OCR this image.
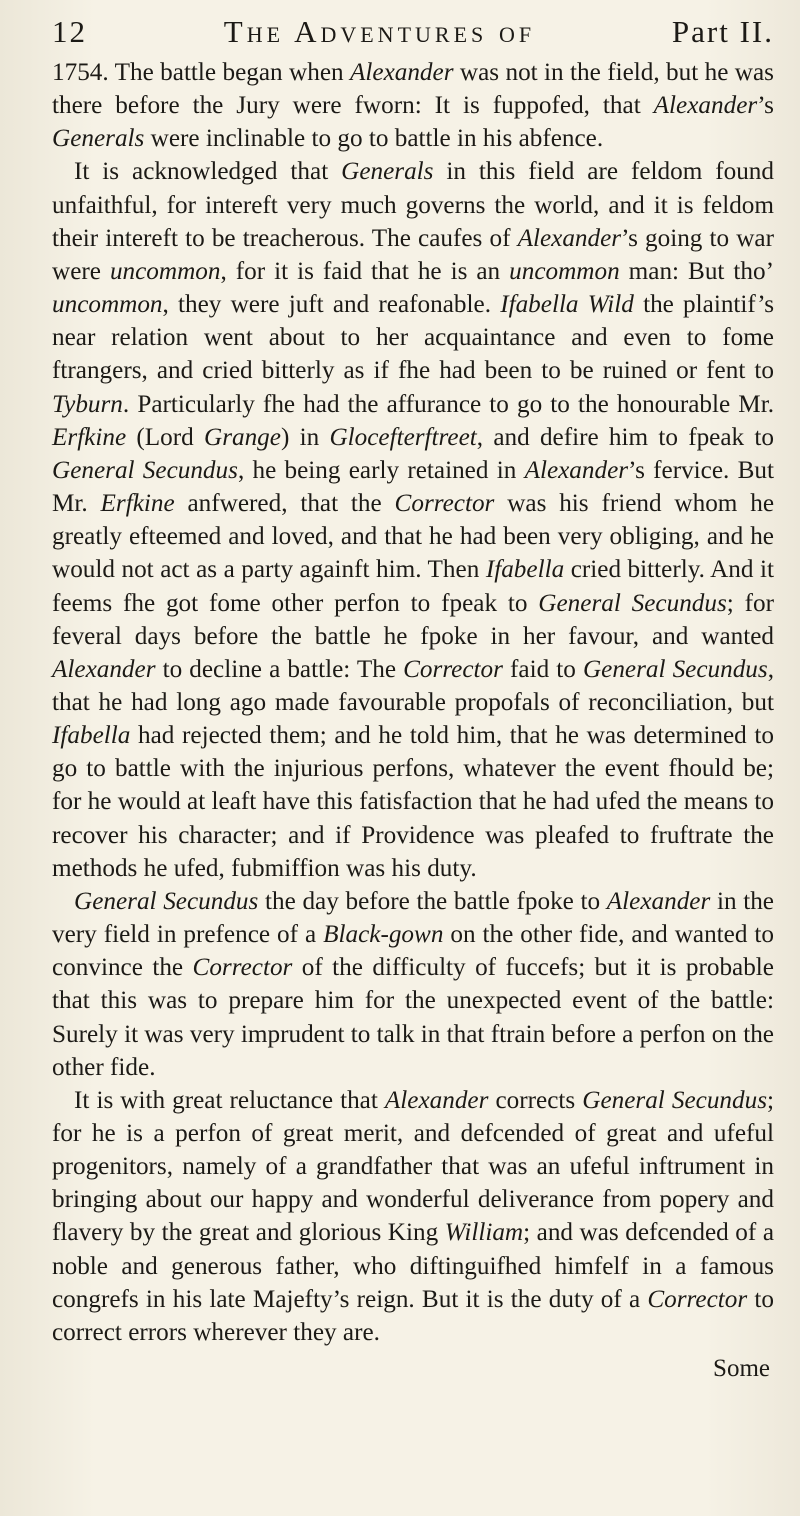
12	The Adventures of	Part II.

1754. The battle began when Alexander was not in the field, but he was there before the Jury were fworn: It is fuppofed, that Alexander’s Generals were inclinable to go to battle in his abfence.

It is acknowledged that Generals in this field are feldom found unfaithful, for intereft very much governs the world, and it is feldom their intereft to be treacherous. The caufes of Alexander’s going to war were uncommon, for it is faid that he is an uncommon man: But tho’ uncommon, they were juft and reafonable. Ifabella Wild the plaintif’s near relation went about to her acquaintance and even to fome ftrangers, and cried bitterly as if fhe had been to be ruined or fent to Tyburn. Particularly fhe had the affurance to go to the honourable Mr. Erfkine (Lord Grange) in Glocefterftreet, and defire him to fpeak to General Secundus, he being early retained in Alexander’s fervice. But Mr. Erfkine anfwered, that the Corrector was his friend whom he greatly efteemed and loved, and that he had been very obliging, and he would not act as a party againft him. Then Ifabella cried bitterly. And it feems fhe got fome other perfon to fpeak to General Secundus; for feveral days before the battle he fpoke in her favour, and wanted Alexander to decline a battle: The Corrector faid to General Secundus, that he had long ago made favourable propofals of reconciliation, but Ifabella had rejected them; and he told him, that he was determined to go to battle with the injurious perfons, whatever the event fhould be; for he would at leaft have this fatisfaction that he had ufed the means to recover his character; and if Providence was pleafed to fruftrate the methods he ufed, fubmiffion was his duty.

General Secundus the day before the battle fpoke to Alexander in the very field in prefence of a Black-gown on the other fide, and wanted to convince the Corrector of the difficulty of fuccefs; but it is probable that this was to prepare him for the unexpected event of the battle: Surely it was very imprudent to talk in that ftrain before a perfon on the other fide.

It is with great reluctance that Alexander corrects General Secundus; for he is a perfon of great merit, and defcended of great and ufeful progenitors, namely of a grandfather that was an ufeful inftrument in bringing about our happy and wonderful deliverance from popery and flavery by the great and glorious King William; and was defcended of a noble and generous father, who diftinguifhed himfelf in a famous congrefs in his late Majefty’s reign. But it is the duty of a Corrector to correct errors wherever they are.

Some
